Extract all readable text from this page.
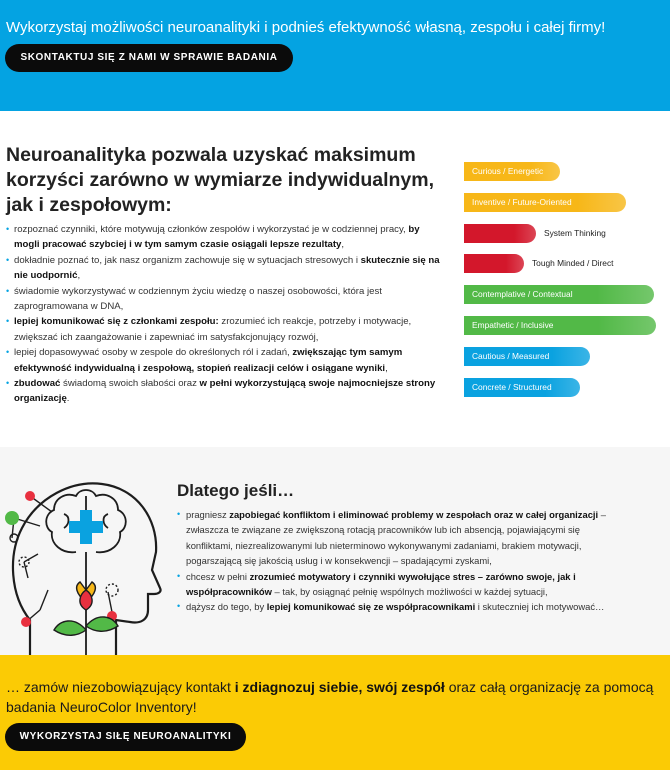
Wykorzystaj możliwości neuroanalityki i podnieś efektywność własną, zespołu i całej firmy!
SKONTAKTUJ SIĘ Z NAMI W SPRAWIE BADANIA
Neuroanalityka pozwala uzyskać maksimum korzyści zarówno w wymiarze indywidualnym, jak i zespołowym:
• rozpoznać czynniki, które motywują członków zespołów i wykorzystać je w codziennej pracy, by mogli pracować szybciej i w tym samym czasie osiągali lepsze rezultaty,
• dokładnie poznać to, jak nasz organizm zachowuje się w sytuacjach stresowych i skutecznie się na nie uodpornić,
• świadomie wykorzystywać w codziennym życiu wiedzę o naszej osobowości, która jest zaprogramowana w DNA,
• lepiej komunikować się z członkami zespołu: zrozumieć ich reakcje, potrzeby i motywacje, zwiększać ich zaangażowanie i zapewniać im satysfakcjonujący rozwój,
• lepiej dopasowywać osoby w zespole do określonych ról i zadań, zwiększając tym samym efektywność indywidualną i zespołową, stopień realizacji celów i osiągane wyniki,
• zbudować świadomą swoich słabości oraz w pełni wykorzystującą swoje najmocniejsze strony organizację.
Curious / Energetic
Inventive / Future-Oriented
System Thinking
Tough Minded / Direct
Contemplative / Contextual
Empathetic / Inclusive
Cautious / Measured
Concrete / Structured
Dlatego jeśli…
• pragniesz zapobiegać konfliktom i eliminować problemy w zespołach oraz w całej organizacji – zwłaszcza te związane ze zwiększoną rotacją pracowników lub ich absencją, pojawiającymi się konfliktami, niezrealizowanymi lub nieterminowo wykonywanymi zadaniami, brakiem motywacji, pogarszającą się jakością usług i w konsekwencji – spadającymi zyskami,
• chcesz w pełni zrozumieć motywatory i czynniki wywołujące stres – zarówno swoje, jak i współpracowników – tak, by osiągnąć pełnię wspólnych możliwości w każdej sytuacji,
• dążysz do tego, by lepiej komunikować się ze współpracownikami i skuteczniej ich motywować…

… zamów niezobowiązujący kontakt i zdiagnozuj siebie, swój zespół oraz całą organizację za pomocą badania NeuroColor Inventory!

WYKORZYSTAJ SIŁĘ NEUROANALITYKI
